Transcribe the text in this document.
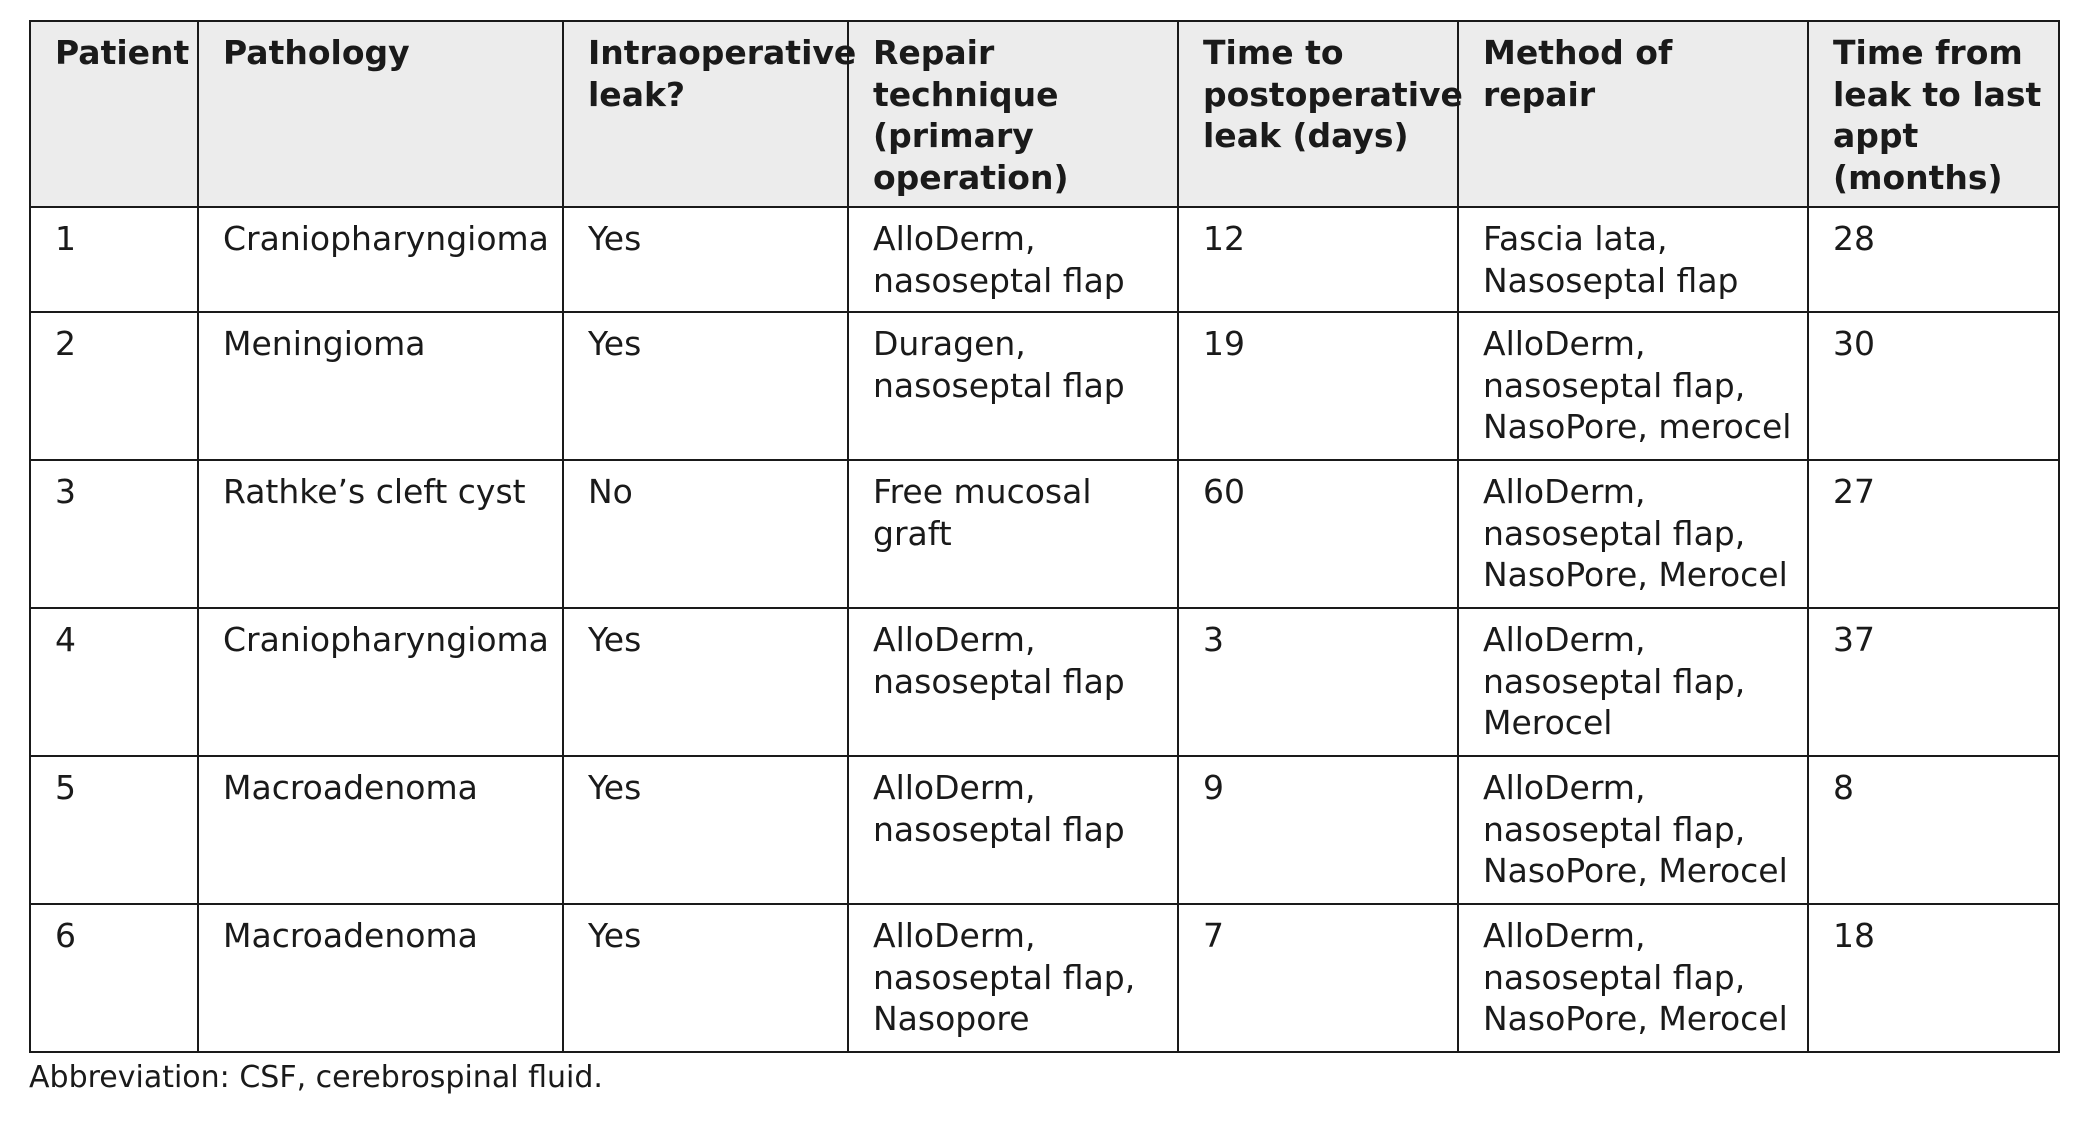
Patient	Pathology	Intraoperative leak?	Repair technique (primary operation)	Time to postoperative leak (days)	Method of repair	Time from leak to last appt (months)
1	Craniopharyngioma	Yes	AlloDerm, nasoseptal flap	12	Fascia lata, Nasoseptal flap	28
2	Meningioma	Yes	Duragen, nasoseptal flap	19	AlloDerm, nasoseptal flap, NasoPore, merocel	30
3	Rathke’s cleft cyst	No	Free mucosal graft	60	AlloDerm, nasoseptal flap, NasoPore, Merocel	27
4	Craniopharyngioma	Yes	AlloDerm, nasoseptal flap	3	AlloDerm, nasoseptal flap, Merocel	37
5	Macroadenoma	Yes	AlloDerm, nasoseptal flap	9	AlloDerm, nasoseptal flap, NasoPore, Merocel	8
6	Macroadenoma	Yes	AlloDerm, nasoseptal flap, Nasopore	7	AlloDerm, nasoseptal flap, NasoPore, Merocel	18
Abbreviation: CSF, cerebrospinal fluid.
